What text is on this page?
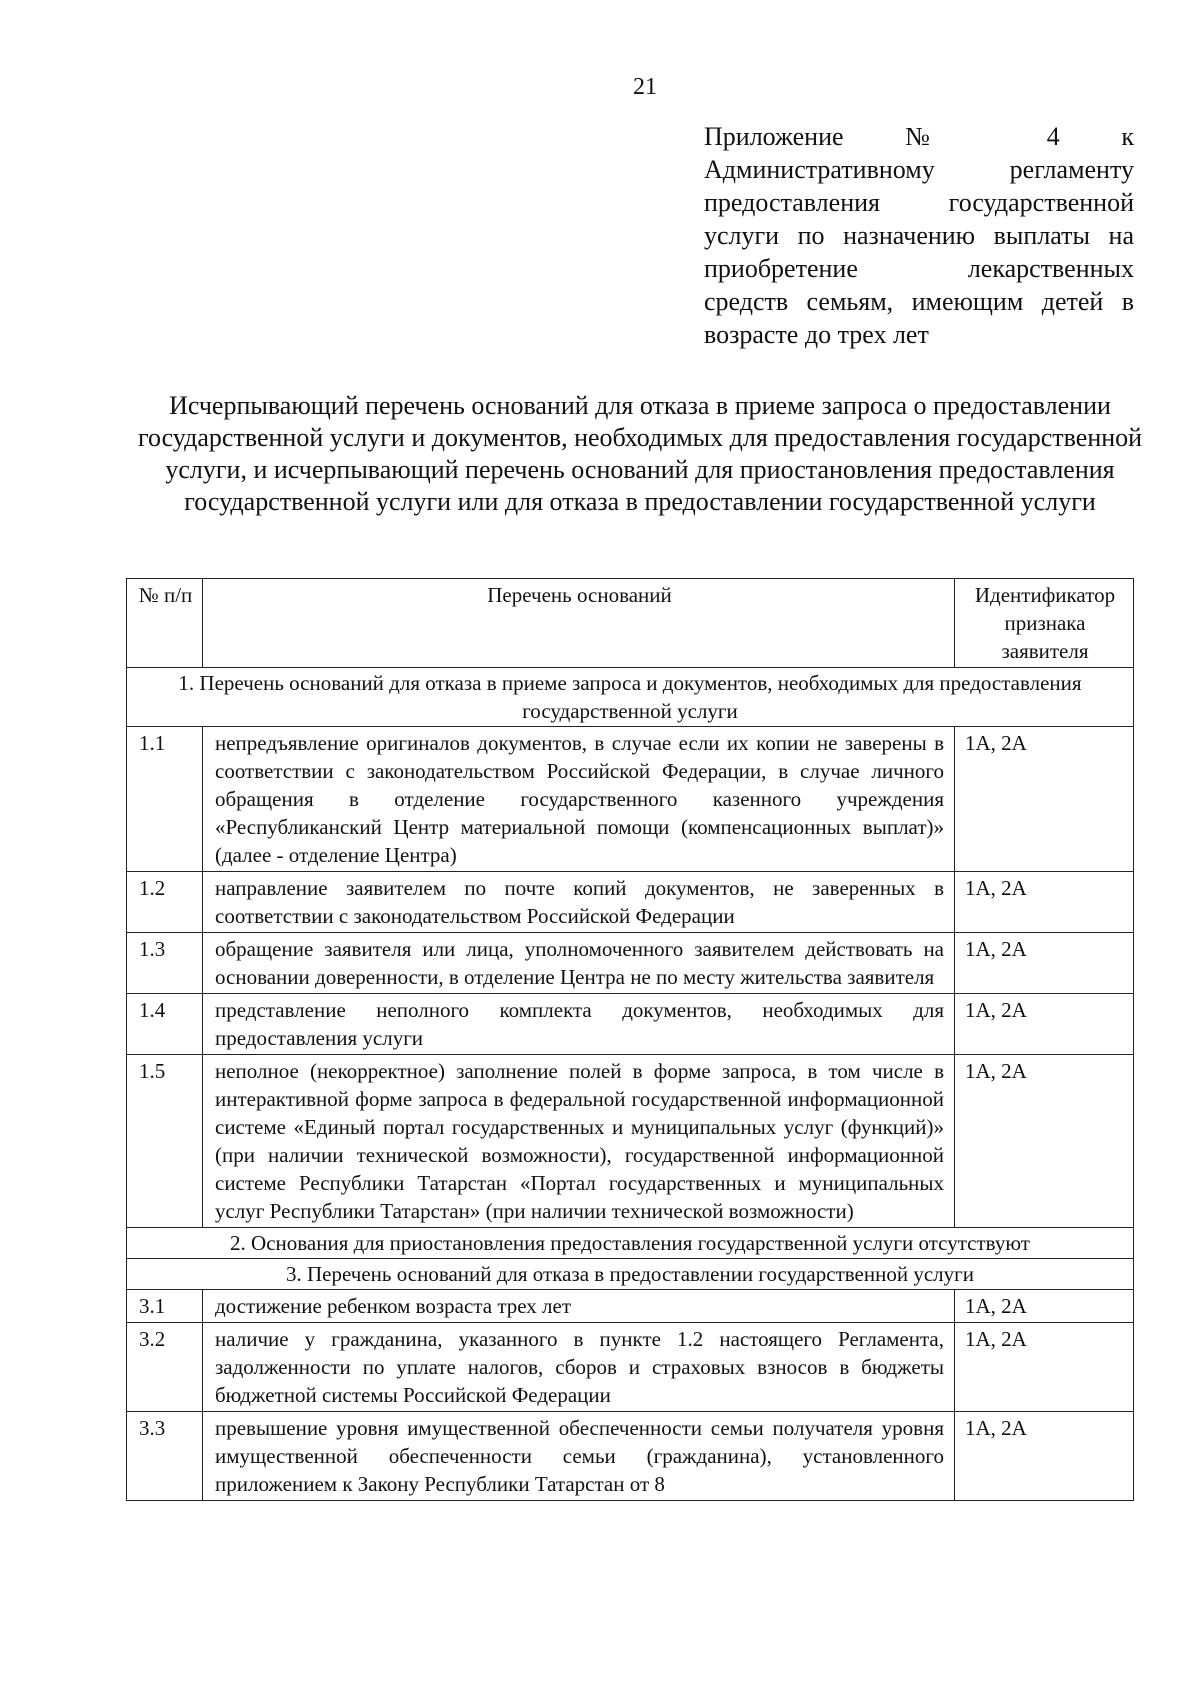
21
Приложение № 4 к
Административному регламенту
предоставления государственной
услуги по назначению выплаты на
приобретение лекарственных
средств семьям, имеющим детей в
возрасте до трех лет
Исчерпывающий перечень оснований для отказа в приеме запроса о предоставлении государственной услуги и документов, необходимых для предоставления государственной услуги, и исчерпывающий перечень оснований для приостановления предоставления государственной услуги или для отказа в предоставлении государственной услуги
№ п/п	Перечень оснований	Идентификатор признака заявителя
1. Перечень оснований для отказа в приеме запроса и документов, необходимых для предоставления государственной услуги		
1.1	непредъявление оригиналов документов, в случае если их копии не заверены в соответствии с законодательством Российской Федерации, в случае личного обращения в отделение государственного казенного учреждения «Республиканский Центр материальной помощи (компенсационных выплат)» (далее - отделение Центра)	1А, 2А
1.2	направление заявителем по почте копий документов, не заверенных в соответствии с законодательством Российской Федерации	1А, 2А
1.3	обращение заявителя или лица, уполномоченного заявителем действовать на основании доверенности, в отделение Центра не по месту жительства заявителя	1А, 2А
1.4	представление неполного комплекта документов, необходимых для предоставления услуги	1А, 2А
1.5	неполное (некорректное) заполнение полей в форме запроса, в том числе в интерактивной форме запроса в федеральной государственной информационной системе «Единый портал государственных и муниципальных услуг (функций)» (при наличии технической возможности), государственной информационной системе Республики Татарстан «Портал государственных и муниципальных услуг Республики Татарстан» (при наличии технической возможности)	1А, 2А
2. Основания для приостановления предоставления государственной услуги отсутствуют		
3. Перечень оснований для отказа в предоставлении государственной услуги		
3.1	достижение ребенком возраста трех лет	1А, 2А
3.2	наличие у гражданина, указанного в пункте 1.2 настоящего Регламента, задолженности по уплате налогов, сборов и страховых взносов в бюджеты бюджетной системы Российской Федерации	1А, 2А
3.3	превышение уровня имущественной обеспеченности семьи получателя уровня имущественной обеспеченности семьи (гражданина), установленного приложением к Закону Республики Татарстан от 8	1А, 2А
